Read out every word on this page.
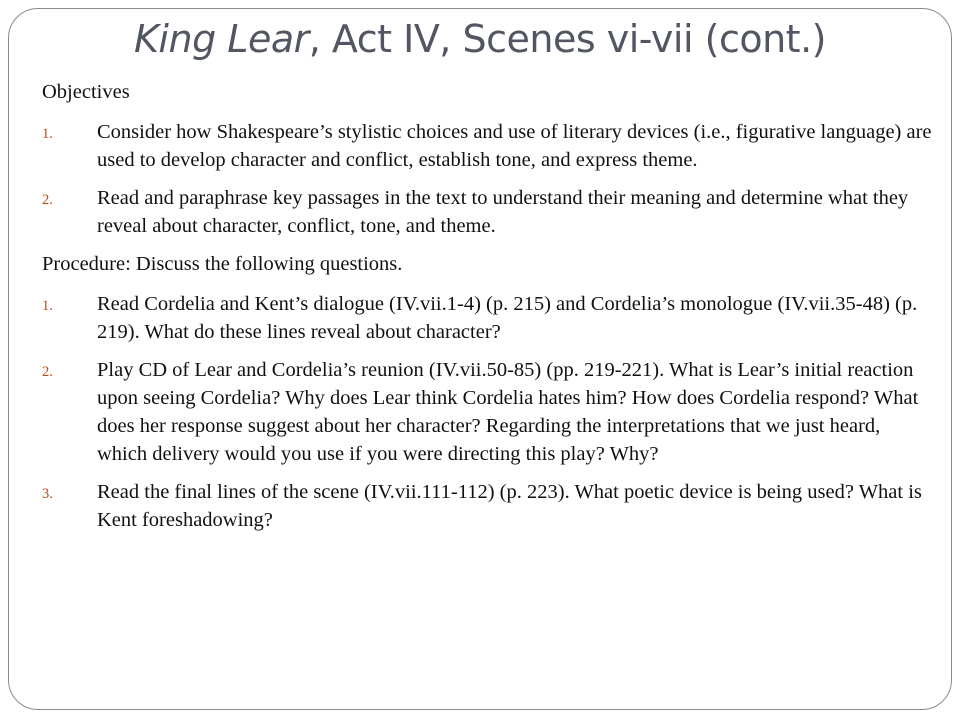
King Lear, Act IV, Scenes vi-vii (cont.)
Objectives
1. Consider how Shakespeare’s stylistic choices and use of literary devices (i.e., figurative language) are used to develop character and conflict, establish tone, and express theme.
2. Read and paraphrase key passages in the text to understand their meaning and determine what they reveal about character, conflict, tone, and theme.
Procedure: Discuss the following questions.
1. Read Cordelia and Kent’s dialogue (IV.vii.1-4) (p. 215) and Cordelia’s monologue (IV.vii.35-48) (p. 219). What do these lines reveal about character?
2. Play CD of Lear and Cordelia’s reunion (IV.vii.50-85) (pp. 219-221). What is Lear’s initial reaction upon seeing Cordelia? Why does Lear think Cordelia hates him? How does Cordelia respond? What does her response suggest about her character? Regarding the interpretations that we just heard, which delivery would you use if you were directing this play? Why?
3. Read the final lines of the scene (IV.vii.111-112) (p. 223). What poetic device is being used? What is Kent foreshadowing?
